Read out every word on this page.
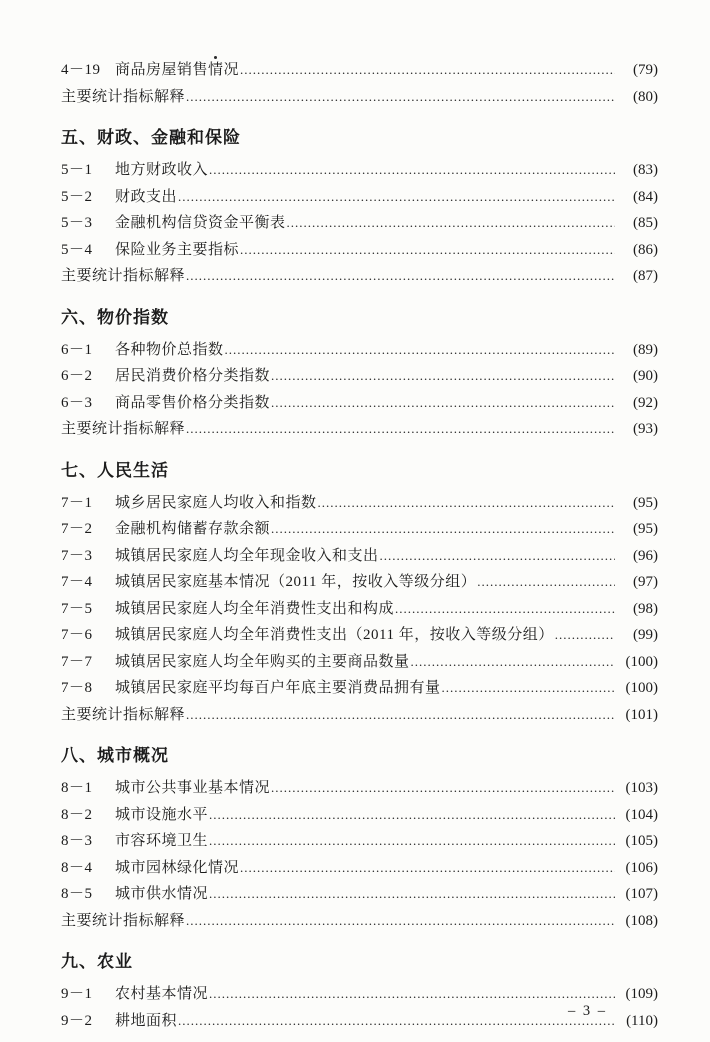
4－19 商品房屋销售情况 .....	(79)
主要统计指标解释 .....	(80)
五、财政、金融和保险
5－1	地方财政收入 .....	(83)
5－2	财政支出 .....	(84)
5－3	金融机构信贷资金平衡表 .....	(85)
5－4	保险业务主要指标 .....	(86)
主要统计指标解释 .....	(87)
六、物价指数
6－1	各种物价总指数 .....	(89)
6－2	居民消费价格分类指数 .....	(90)
6－3	商品零售价格分类指数 .....	(92)
主要统计指标解释 .....	(93)
七、人民生活
7－1	城乡居民家庭人均收入和指数 .....	(95)
7－2	金融机构储蓄存款余额 .....	(95)
7－3	城镇居民家庭人均全年现金收入和支出 .....	(96)
7－4	城镇居民家庭基本情况（2011 年，按收入等级分组） .....	(97)
7－5	城镇居民家庭人均全年消费性支出和构成 .....	(98)
7－6	城镇居民家庭人均全年消费性支出（2011 年，按收入等级分组） .....	(99)
7－7	城镇居民家庭人均全年购买的主要商品数量 .....	(100)
7－8	城镇居民家庭平均每百户年底主要消费品拥有量 .....	(100)
主要统计指标解释 .....	(101)
八、城市概况
8－1	城市公共事业基本情况 .....	(103)
8－2	城市设施水平 .....	(104)
8－3	市容环境卫生 .....	(105)
8－4	城市园林绿化情况 .....	(106)
8－5	城市供水情况 .....	(107)
主要统计指标解释 .....	(108)
九、农业
9－1	农村基本情况 .....	(109)
9－2	耕地面积 .....	(110)
– 3 –
